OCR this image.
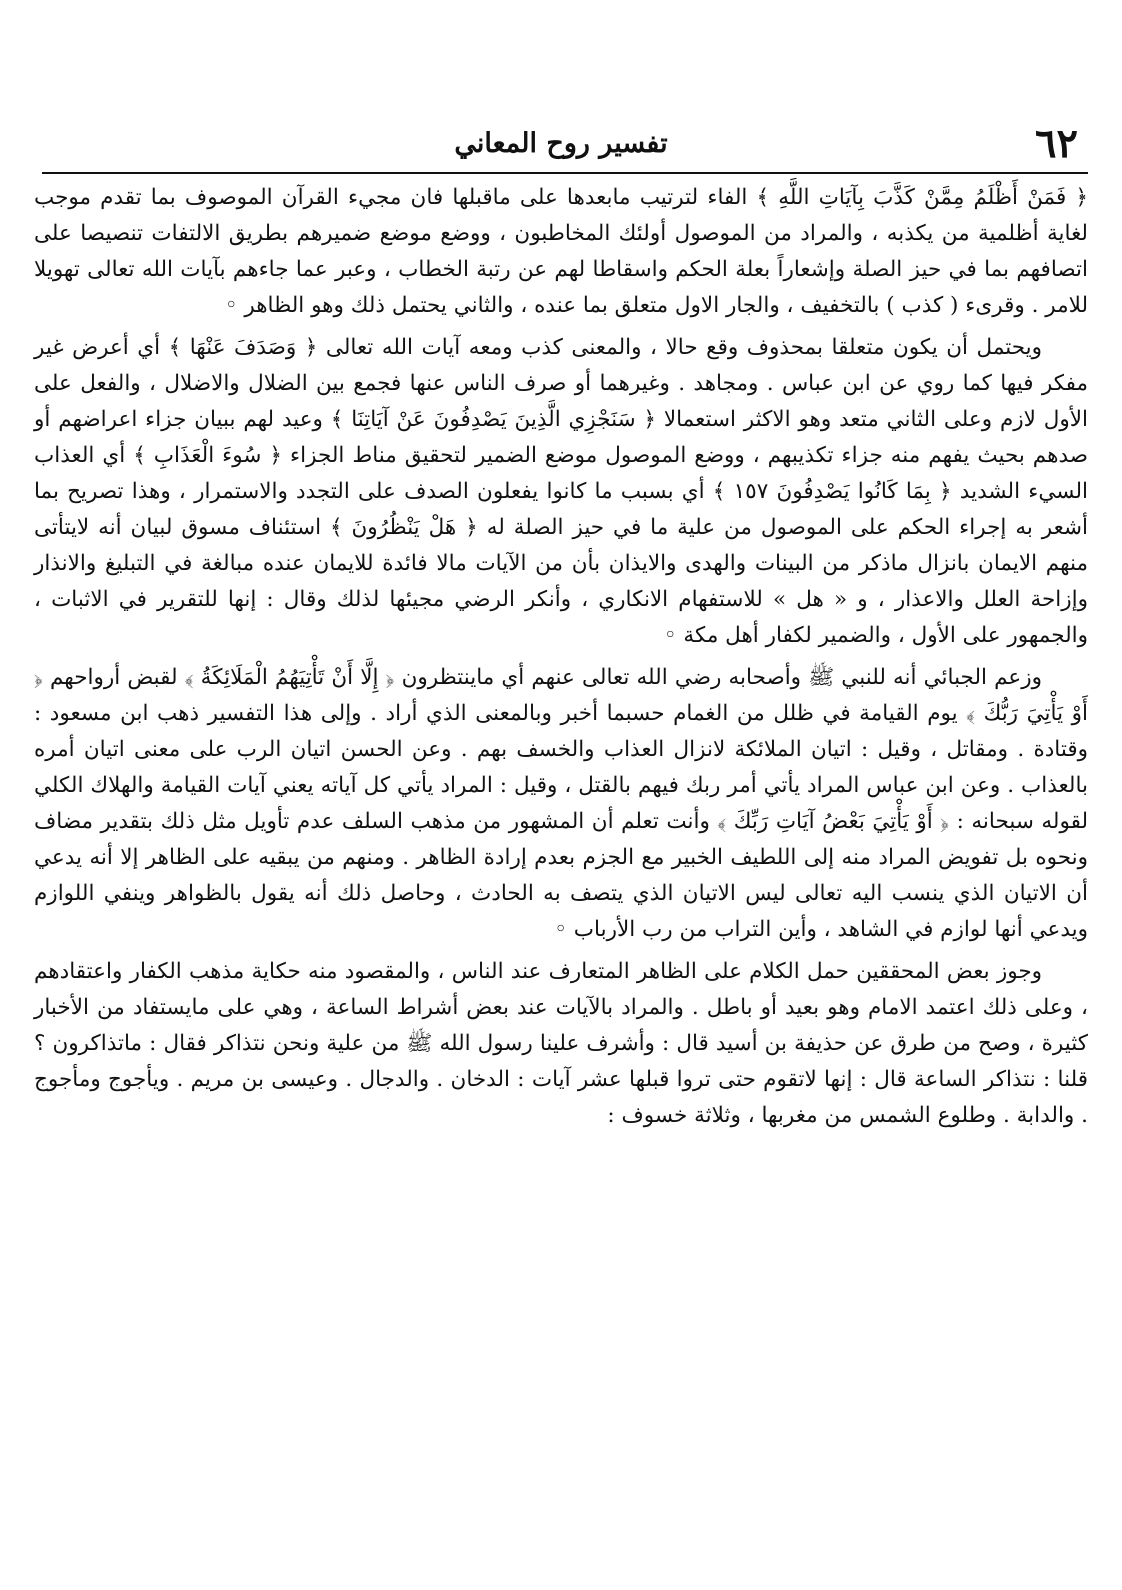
٦٢
تفسير روح المعاني

﴿ فَمَنْ أَظْلَمُ مِمَّنْ كَذَّبَ بِآيَاتِ اللَّهِ ﴾ الفاء لترتيب مابعدها على ماقبلها فان مجيء القرآن الموصوف بما تقدم موجب لغاية أظلمية من يكذبه ، والمراد من الموصول أولئك المخاطبون ، ووضع موضع ضميرهم بطريق الالتفات تنصيصا على اتصافهم بما في حيز الصلة وإشعاراً بعلة الحكم واسقاطا لهم عن رتبة الخطاب ، وعبر عما جاءهم بآيات الله تعالى تهويلا للامر . وقرىء ( كذب ) بالتخفيف ، والجار الاول متعلق بما عنده ، والثاني يحتمل ذلك وهو الظاهر ◦

ويحتمل أن يكون متعلقا بمحذوف وقع حالا ، والمعنى كذب ومعه آيات الله تعالى ﴿ وَصَدَفَ عَنْهَا ﴾ أي أعرض غير مفكر فيها كما روي عن ابن عباس . ومجاهد . وغيرهما أو صرف الناس عنها فجمع بين الضلال والاضلال ، والفعل على الأول لازم وعلى الثاني متعد وهو الاكثر استعمالا ﴿ سَنَجْزِي الَّذِينَ يَصْدِفُونَ عَنْ آيَاتِنَا ﴾ وعيد لهم ببيان جزاء اعراضهم أو صدهم بحيث يفهم منه جزاء تكذيبهم ، ووضع الموصول موضع الضمير لتحقيق مناط الجزاء ﴿ سُوءَ الْعَذَابِ ﴾ أي العذاب السيء الشديد ﴿ بِمَا كَانُوا يَصْدِفُونَ ١٥٧ ﴾ أي بسبب ما كانوا يفعلون الصدف على التجدد والاستمرار ، وهذا تصريح بما أشعر به إجراء الحكم على الموصول من علية ما في حيز الصلة له ﴿ هَلْ يَنْظُرُونَ ﴾ استئناف مسوق لبيان أنه لايتأتى منهم الايمان بانزال ماذكر من البينات والهدى والايذان بأن من الآيات مالا فائدة للايمان عنده مبالغة في التبليغ والانذار وإزاحة العلل والاعذار ، و « هل » للاستفهام الانكاري ، وأنكر الرضي مجيئها لذلك وقال : إنها للتقرير في الاثبات ، والجمهور على الأول ، والضمير لكفار أهل مكة ◦

وزعم الجبائي أنه للنبي ﷺ وأصحابه رضي الله تعالى عنهم أي ماينتظرون ﴿ إِلَّا أَنْ تَأْتِيَهُمُ الْمَلَائِكَةُ ﴾ لقبض أرواحهم ﴿ أَوْ يَأْتِيَ رَبُّكَ ﴾ يوم القيامة في ظلل من الغمام حسبما أخبر وبالمعنى الذي أراد . وإلى هذا التفسير ذهب ابن مسعود : وقتادة . ومقاتل ، وقيل : اتيان الملائكة لانزال العذاب والخسف بهم . وعن الحسن اتيان الرب على معنى اتيان أمره بالعذاب . وعن ابن عباس المراد يأتي أمر ربك فيهم بالقتل ، وقيل : المراد يأتي كل آياته يعني آيات القيامة والهلاك الكلي لقوله سبحانه : ﴿ أَوْ يَأْتِيَ بَعْضُ آيَاتِ رَبِّكَ ﴾ وأنت تعلم أن المشهور من مذهب السلف عدم تأويل مثل ذلك بتقدير مضاف ونحوه بل تفويض المراد منه إلى اللطيف الخبير مع الجزم بعدم إرادة الظاهر . ومنهم من يبقيه على الظاهر إلا أنه يدعي أن الاتيان الذي ينسب اليه تعالى ليس الاتيان الذي يتصف به الحادث ، وحاصل ذلك أنه يقول بالظواهر وينفي اللوازم ويدعي أنها لوازم في الشاهد ، وأين التراب من رب الأرباب ◦

وجوز بعض المحققين حمل الكلام على الظاهر المتعارف عند الناس ، والمقصود منه حكاية مذهب الكفار واعتقادهم ، وعلى ذلك اعتمد الامام وهو بعيد أو باطل . والمراد بالآيات عند بعض أشراط الساعة ، وهي على مايستفاد من الأخبار كثيرة ، وصح من طرق عن حذيفة بن أسيد قال : وأشرف علينا رسول الله ﷺ من علية ونحن نتذاكر فقال : ماتذاكرون ؟ قلنا : نتذاكر الساعة قال : إنها لاتقوم حتى تروا قبلها عشر آيات : الدخان . والدجال . وعيسى بن مريم . ويأجوج ومأجوج . والدابة . وطلوع الشمس من مغربها ، وثلاثة خسوف :
